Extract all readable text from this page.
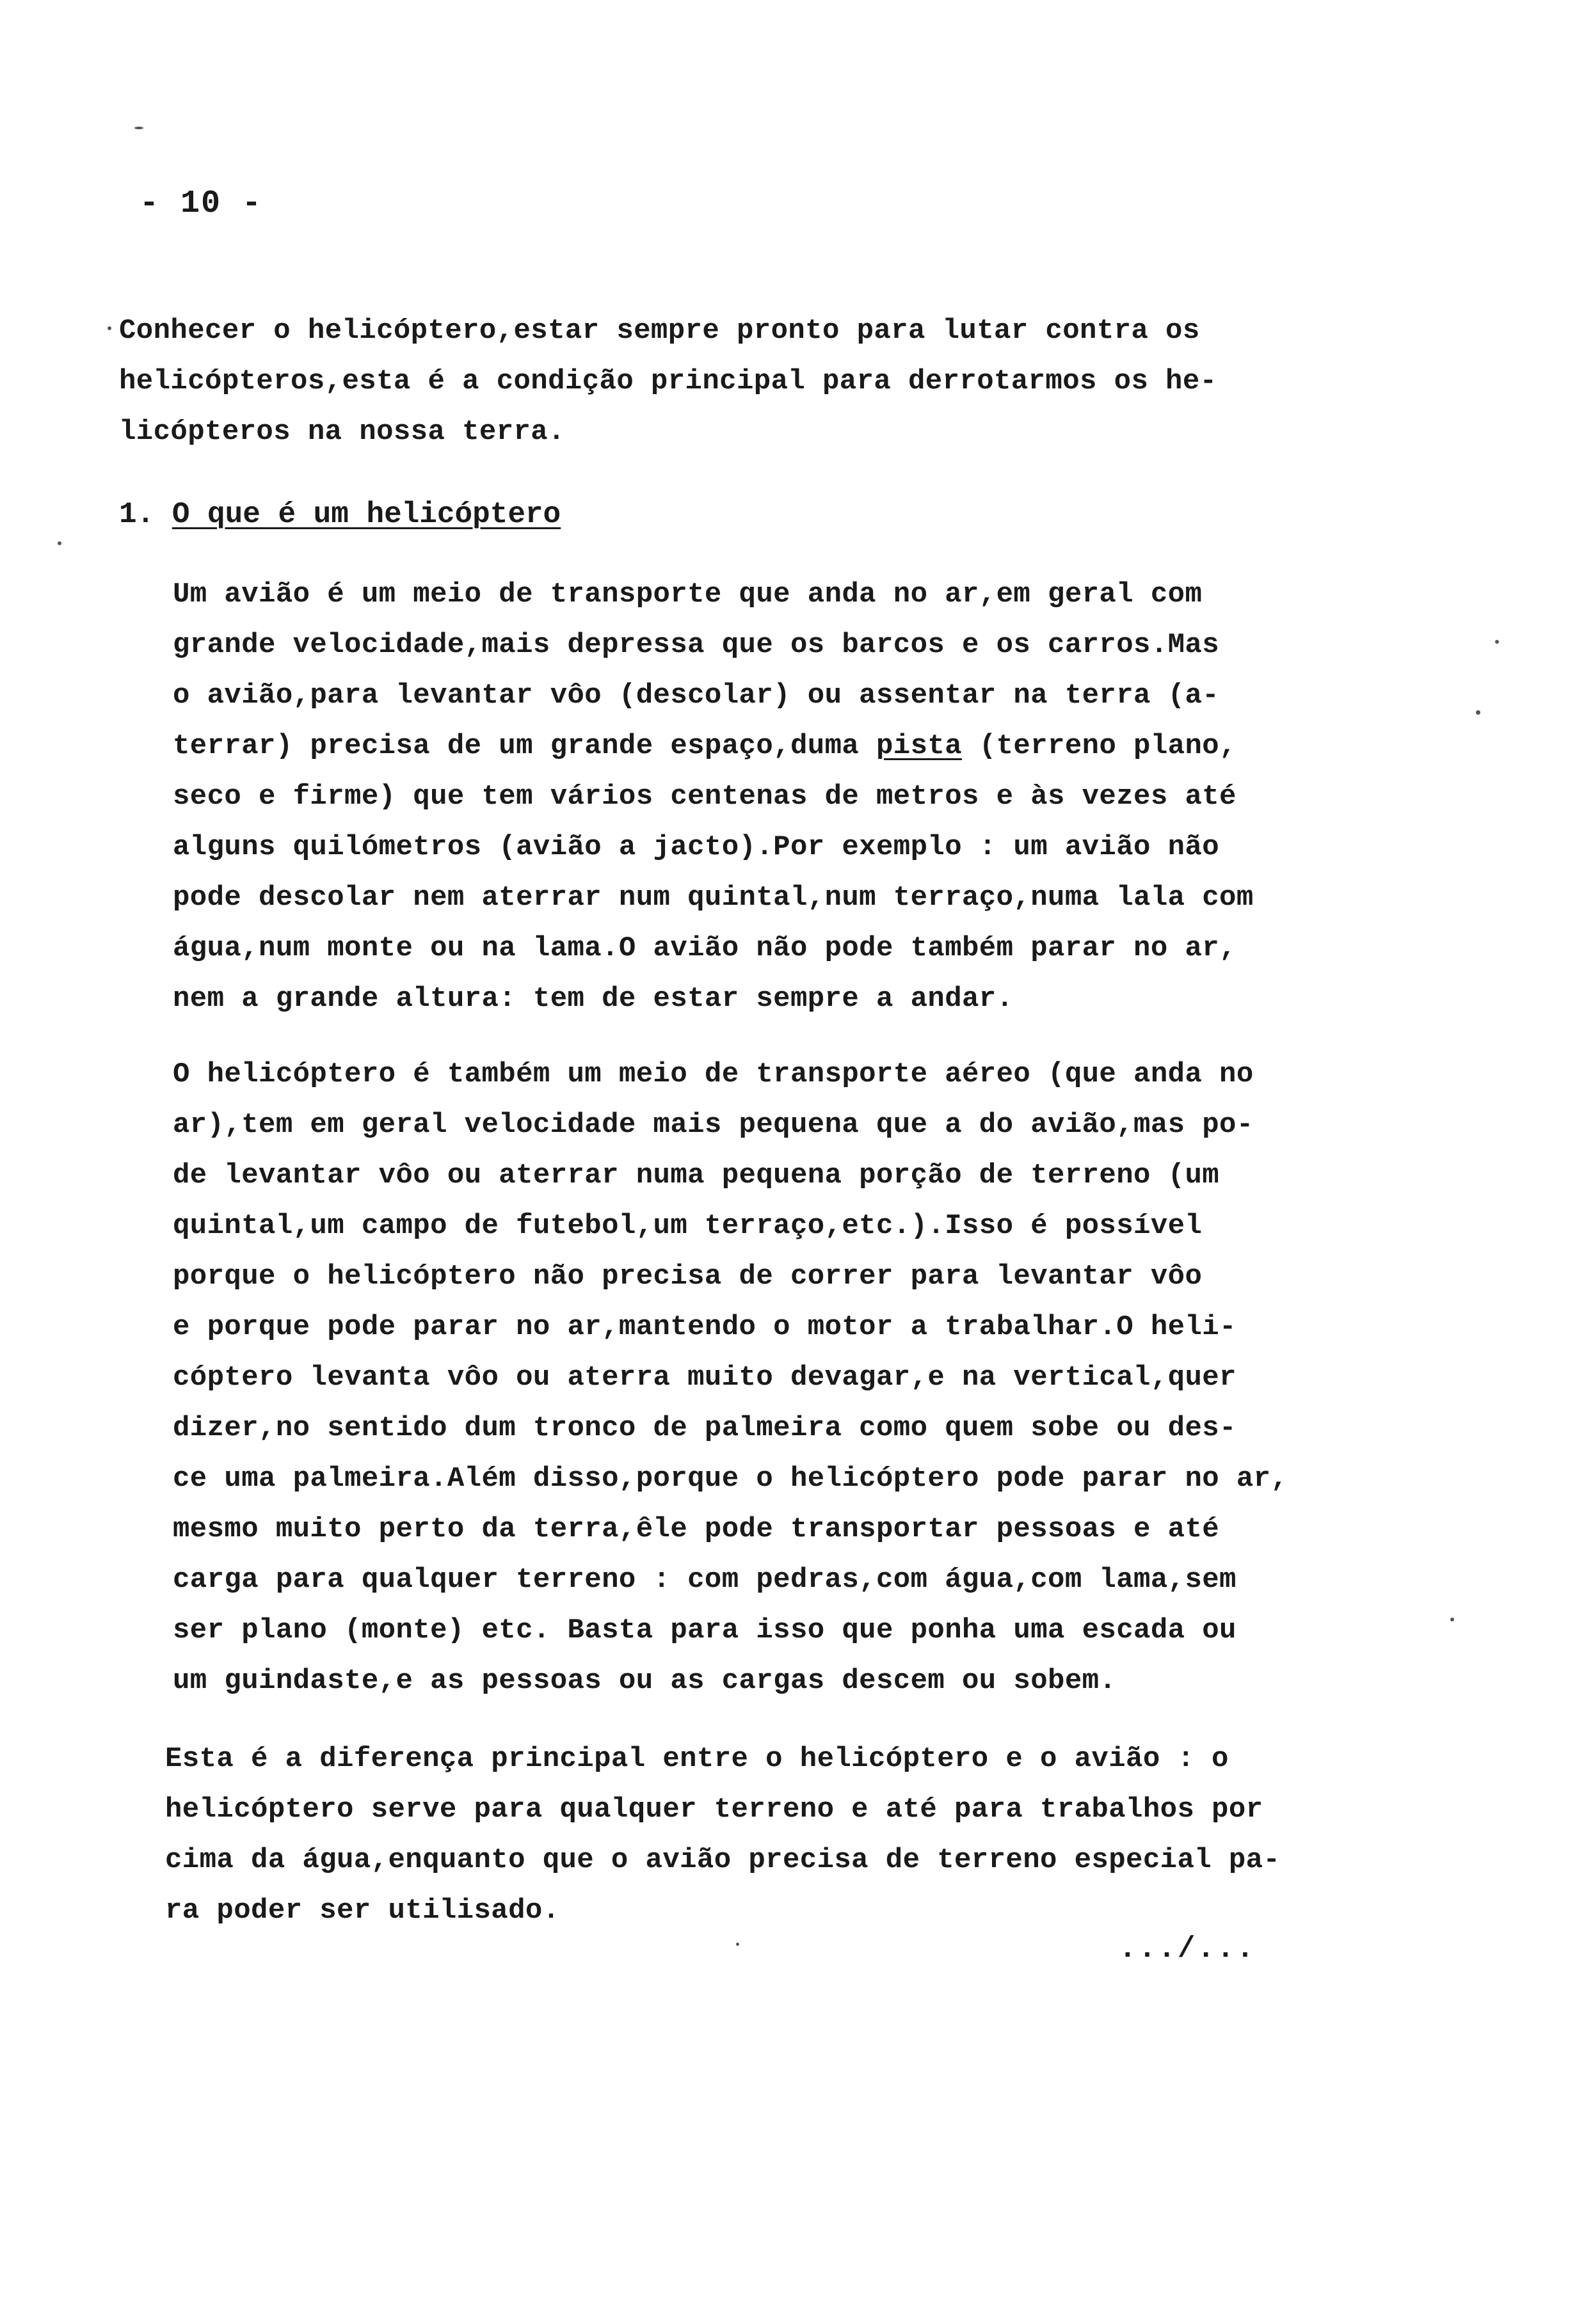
- 10 -
Conhecer o helicóptero,estar sempre pronto para lutar contra os
helicópteros,esta é a condição principal para derrotarmos os he-
licópteros na nossa terra.
1. O que é um helicóptero
Um avião é um meio de transporte que anda no ar,em geral com
grande velocidade,mais depressa que os barcos e os carros.Mas
o avião,para levantar vôo (descolar) ou assentar na terra (a-
terrar) precisa de um grande espaço,duma pista (terreno plano,
seco e firme) que tem vários centenas de metros e às vezes até
alguns quilómetros (avião a jacto).Por exemplo : um avião não
pode descolar nem aterrar num quintal,num terraço,numa lala com
água,num monte ou na lama.O avião não pode também parar no ar,
nem a grande altura: tem de estar sempre a andar.
O helicóptero é também um meio de transporte aéreo (que anda no
ar),tem em geral velocidade mais pequena que a do avião,mas po-
de levantar vôo ou aterrar numa pequena porção de terreno (um
quintal,um campo de futebol,um terraço,etc.).Isso é possível
porque o helicóptero não precisa de correr para levantar vôo
e porque pode parar no ar,mantendo o motor a trabalhar.O heli-
cóptero levanta vôo ou aterra muito devagar,e na vertical,quer
dizer,no sentido dum tronco de palmeira como quem sobe ou des-
ce uma palmeira.Além disso,porque o helicóptero pode parar no ar,
mesmo muito perto da terra,êle pode transportar pessoas e até
carga para qualquer terreno : com pedras,com água,com lama,sem
ser plano (monte) etc. Basta para isso que ponha uma escada ou
um guindaste,e as pessoas ou as cargas descem ou sobem.
Esta é a diferença principal entre o helicóptero e o avião : o
helicóptero serve para qualquer terreno e até para trabalhos por
cima da água,enquanto que o avião precisa de terreno especial pa-
ra poder ser utilisado.
.../...
